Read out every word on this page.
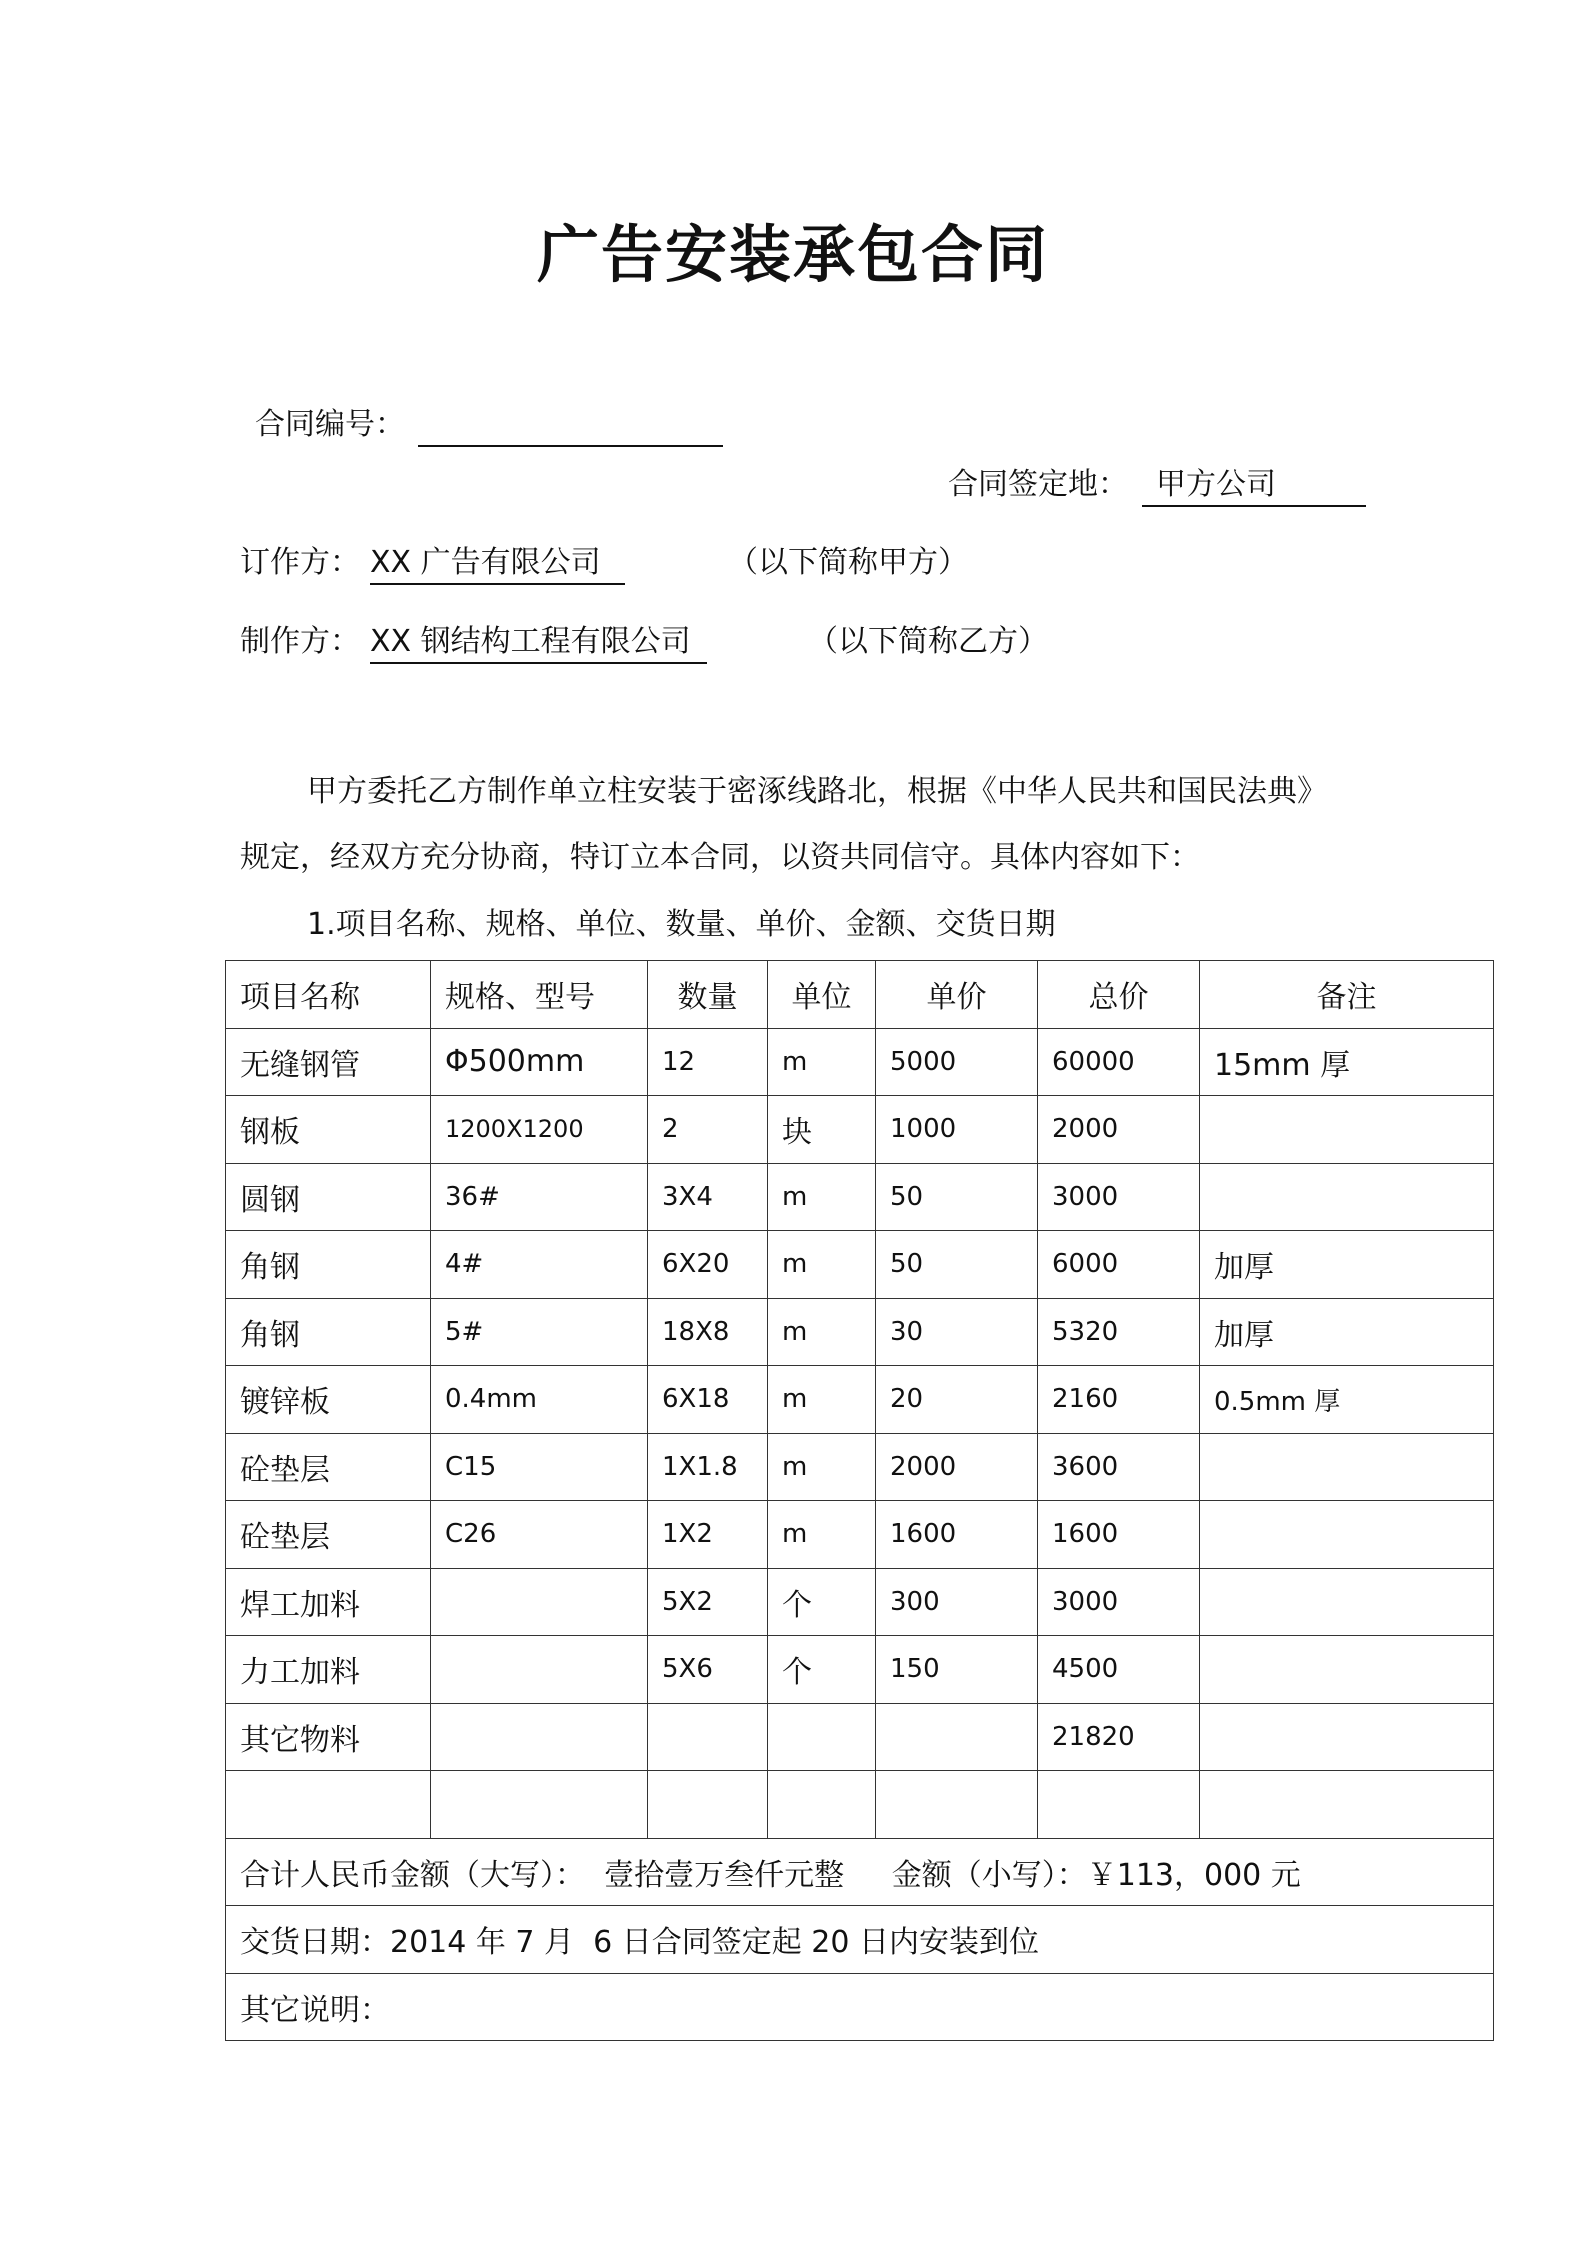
广告安装承包合同
合同编号：
合同签定地： 甲方公司
订作方： XX 广告有限公司	（以下简称甲方）
制作方： XX 钢结构工程有限公司	（以下简称乙方）
甲方委托乙方制作单立柱安装于密涿线路北，根据《中华人民共和国民法典》
规定，经双方充分协商，特订立本合同，以资共同信守。具体内容如下：
1.项目名称、规格、单位、数量、单价、金额、交货日期
项目名称	规格、型号	数量	单位	单价	总价	备注
无缝钢管	Φ500mm	12	m	5000	60000	15mm 厚
钢板	1200X1200	2	块	1000	2000	
圆钢	36#	3X4	m	50	3000	
角钢	4#	6X20	m	50	6000	加厚
角钢	5#	18X8	m	30	5320	加厚
镀锌板	0.4mm	6X18	m	20	2160	0.5mm 厚
砼垫层	C15	1X1.8	m	2000	3600	
砼垫层	C26	1X2	m	1600	1600	
焊工加料		5X2	个	300	3000	
力工加料		5X6	个	150	4500	
其它物料					21820	

合计人民币金额（大写）：  壹拾壹万叁仟元整     金额（小写）：￥113，000 元						
交货日期：2014 年 7 月  6 日合同签定起 20 日内安装到位						
其它说明：						
